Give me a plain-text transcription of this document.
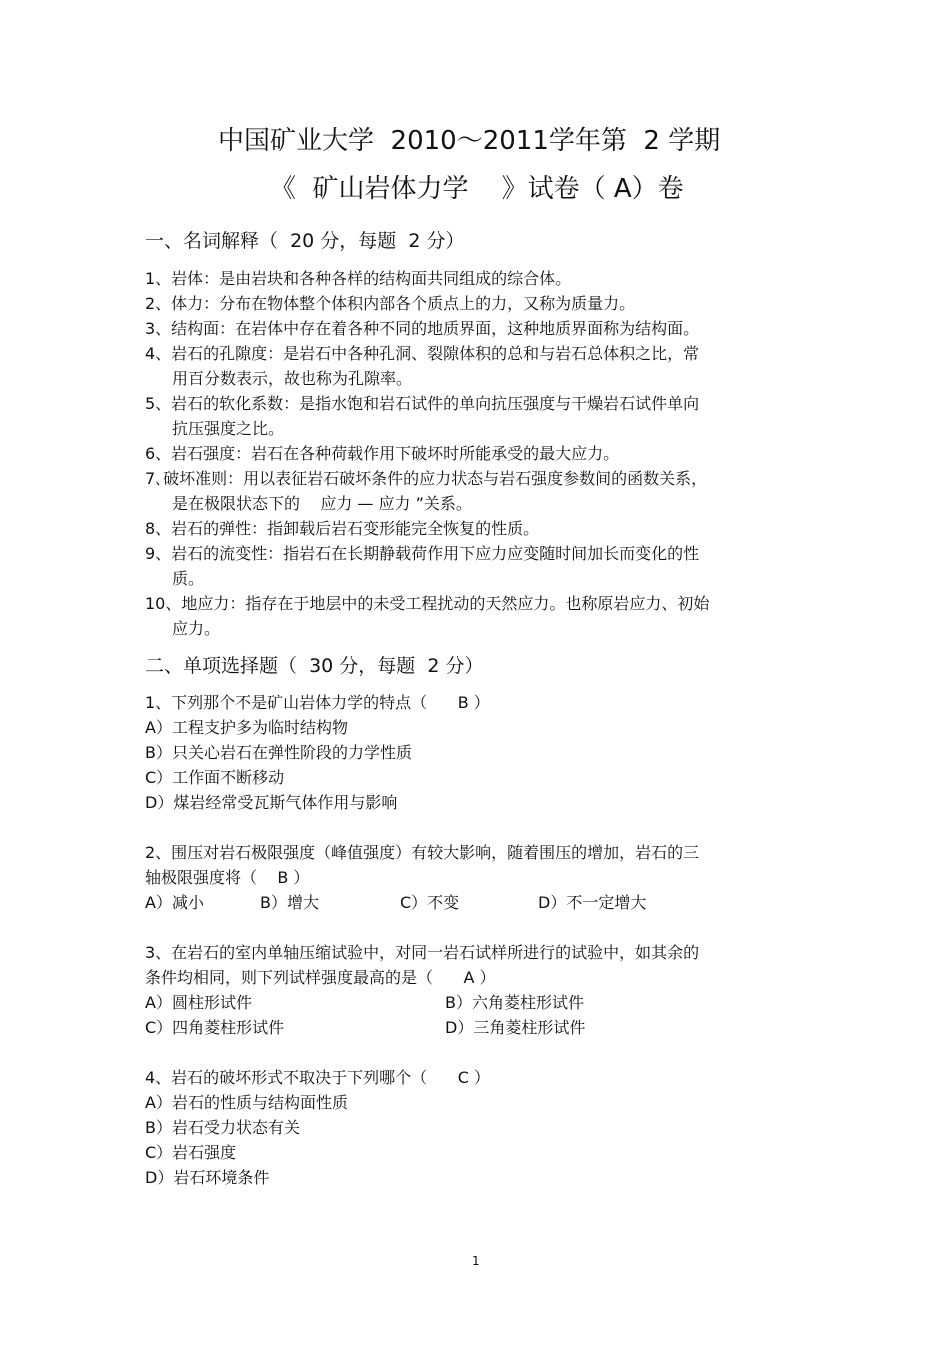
中国矿业大学  2010～2011学年第  2 学期
《  矿山岩体力学    》试卷（ A）卷
一、名词解释（  20 分，每题  2 分）
1、岩体：是由岩块和各种各样的结构面共同组成的综合体。
2、体力：分布在物体整个体积内部各个质点上的力，又称为质量力。
3、结构面：在岩体中存在着各种不同的地质界面，这种地质界面称为结构面。
4、岩石的孔隙度：是岩石中各种孔洞、裂隙体积的总和与岩石总体积之比，常
用百分数表示，故也称为孔隙率。
5、岩石的软化系数：是指水饱和岩石试件的单向抗压强度与干燥岩石试件单向
抗压强度之比。
6、岩石强度：岩石在各种荷载作用下破坏时所能承受的最大应力。
7､破坏准则：用以表征岩石破坏条件的应力状态与岩石强度参数间的函数关系，
是在极限状态下的    应力 — 应力 ”关系。
8、岩石的弹性：指卸载后岩石变形能完全恢复的性质。
9、岩石的流变性：指岩石在长期静载荷作用下应力应变随时间加长而变化的性
质。
10、地应力：指存在于地层中的未受工程扰动的天然应力。也称原岩应力、初始
应力。
二、单项选择题（  30 分，每题  2 分）
1、下列那个不是矿山岩体力学的特点（      B ）
A）工程支护多为临时结构物
B）只关心岩石在弹性阶段的力学性质
C）工作面不断移动
D）煤岩经常受瓦斯气体作用与影响
2、围压对岩石极限强度（峰值强度）有较大影响，随着围压的增加，岩石的三
轴极限强度将（    B ）
A）减小	B）增大	C）不变	D）不一定增大
3、在岩石的室内单轴压缩试验中，对同一岩石试样所进行的试验中，如其余的
条件均相同，则下列试样强度最高的是（      A ）
A）圆柱形试件	B）六角菱柱形试件
C）四角菱柱形试件	D）三角菱柱形试件
4、岩石的破坏形式不取决于下列哪个（      C ）
A）岩石的性质与结构面性质
B）岩石受力状态有关
C）岩石强度
D）岩石环境条件
1
